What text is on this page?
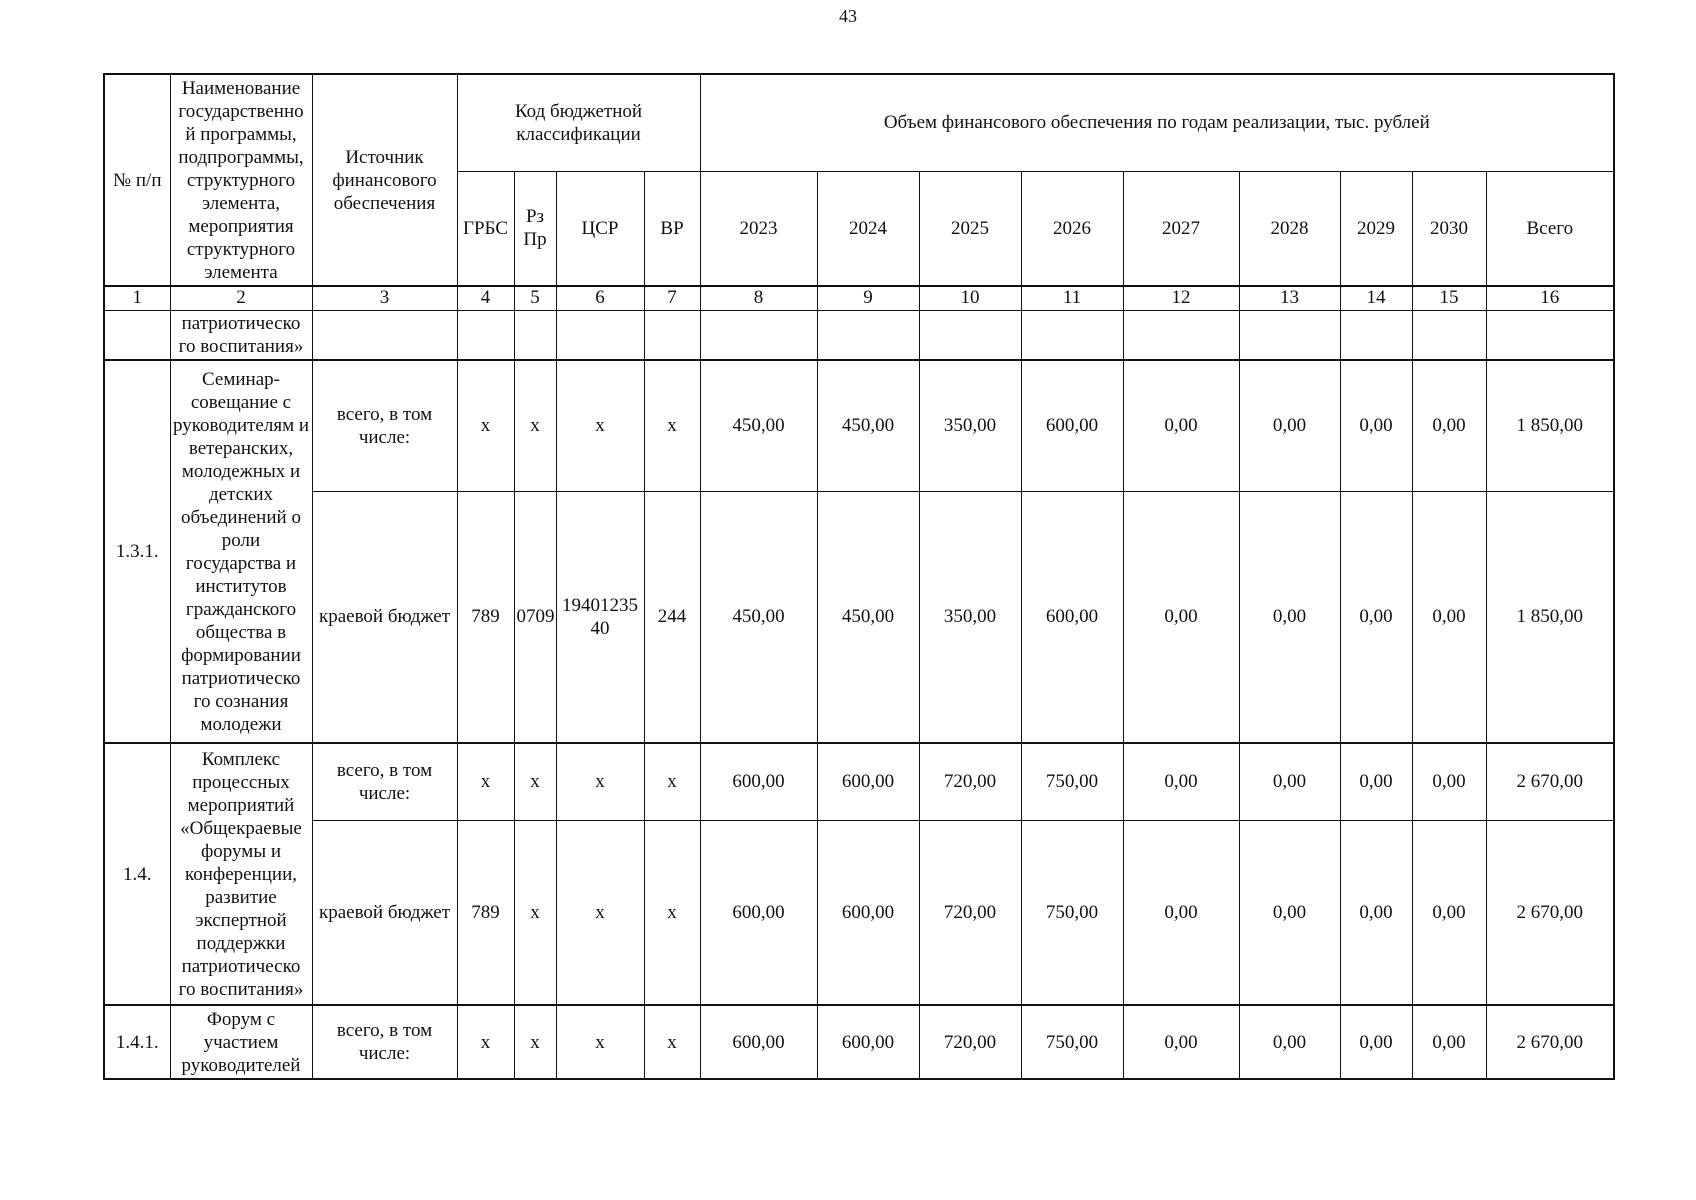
43
№ п/п	Наименование государственно й программы, подпрограммы, структурного элемента, мероприятия структурного элемента	Источник финансового обеспечения	Код бюджетной классификации				Объем финансового обеспечения по годам реализации, тыс. рублей								
			ГРБС	Рз Пр	ЦСР	ВР	2023	2024	2025	2026	2027	2028	2029	2030	Всего
1	2	3	4	5	6	7	8	9	10	11	12	13	14	15	16
	патриотическо го воспитания»														
1.3.1.	Семинар-совещание с руководителям и ветеранских, молодежных и детских объединений о роли государства и институтов гражданского общества в формировании патриотическо го сознания молодежи	всего, в том числе:	х	х	х	х	450,00	450,00	350,00	600,00	0,00	0,00	0,00	0,00	1 850,00
		краевой бюджет	789	0709	19401235 40	244	450,00	450,00	350,00	600,00	0,00	0,00	0,00	0,00	1 850,00
1.4.	Комплекс процессных мероприятий «Общекраевые форумы и конференции, развитие экспертной поддержки патриотическо го воспитания»	всего, в том числе:	х	х	х	х	600,00	600,00	720,00	750,00	0,00	0,00	0,00	0,00	2 670,00
		краевой бюджет	789	х	х	х	600,00	600,00	720,00	750,00	0,00	0,00	0,00	0,00	2 670,00
1.4.1.	Форум с участием руководителей	всего, в том числе:	х	х	х	х	600,00	600,00	720,00	750,00	0,00	0,00	0,00	0,00	2 670,00
